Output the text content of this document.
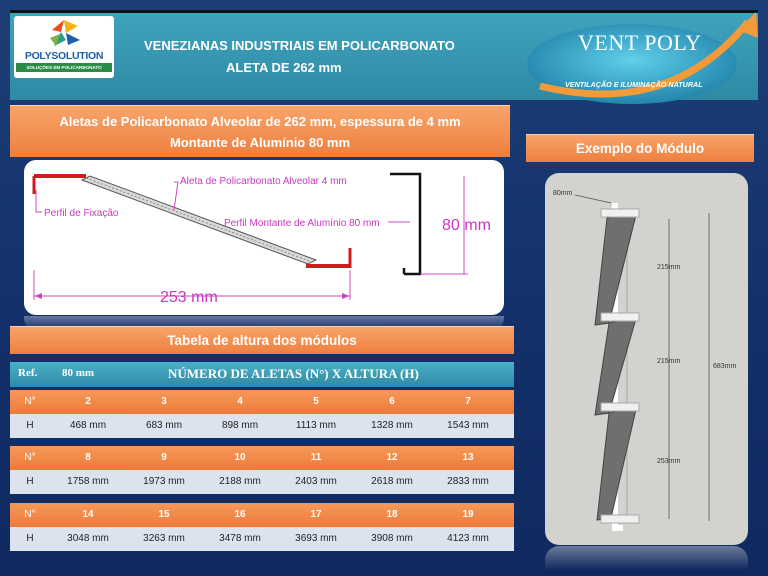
POLYSOLUTION
SOLUÇÕES EM POLICARBONATO
VENEZIANAS INDUSTRIAIS EM POLICARBONATO
ALETA DE 262 mm
VENT POLY
VENTILAÇÃO E ILUMINAÇÃO NATURAL
Aletas de Policarbonato Alveolar de 262 mm, espessura de 4 mm
Montante de Alumínio 80 mm	Exemplo do Módulo
Aleta de Policarbonato Alveolar 4 mm
Perfil de Fixação
Perfil Montante de Alumínio 80 mm	80 mm
253 mm
Tabela de altura dos módulos
Ref. 80 mm	NÚMERO DE ALETAS (N°) X ALTURA (H)
N°	2	3	4	5	6	7
H	468 mm	683 mm	898 mm	1113 mm	1328 mm	1543 mm
N°	8	9	10	11	12	13
H	1758 mm	1973 mm	2188 mm	2403 mm	2618 mm	2833 mm
N°	14	15	16	17	18	19
H	3048 mm	3263 mm	3478 mm	3693 mm	3908 mm	4123 mm
80mm
215mm
215mm
253mm
683mm
